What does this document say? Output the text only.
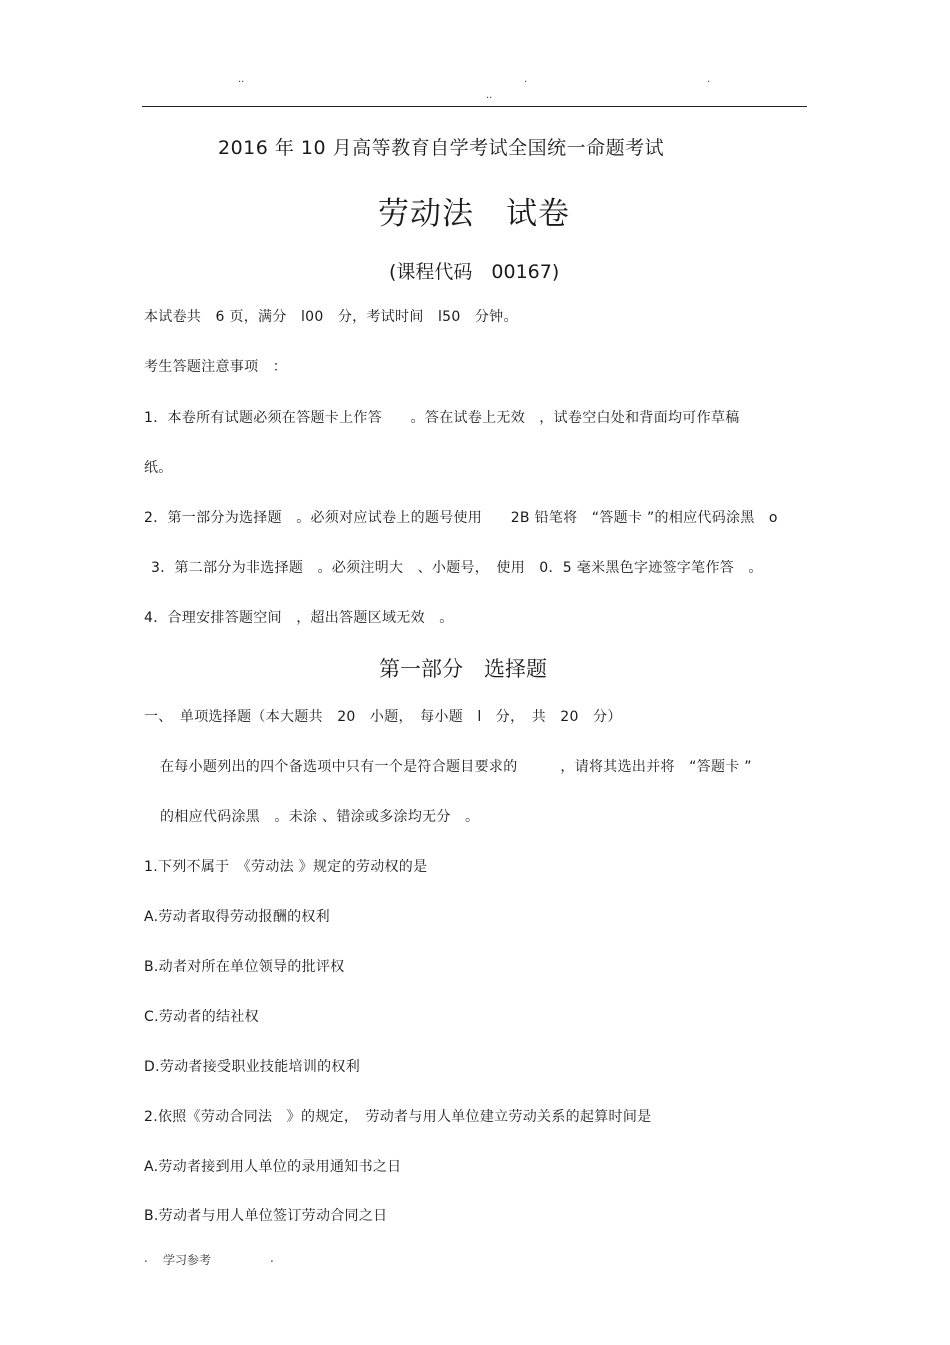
..	.	.
..
2016 年 10 月高等教育自学考试全国统一命题考试
劳动法　试卷
(课程代码　00167)
本试卷共　6 页，满分　l00　分，考试时间　l50　分钟。
考生答题注意事项　：
1．本卷所有试题必须在答题卡上作答　　。答在试卷上无效　，试卷空白处和背面均可作草稿
纸。
2．第一部分为选择题　。必须对应试卷上的题号使用　　2B 铅笔将　“答题卡 ”的相应代码涂黑　o
3．第二部分为非选择题　。必须注明大　、小题号，　使用　0．5 毫米黑色字迹签字笔作答　。
4．合理安排答题空间　，超出答题区域无效　。
第一部分　选择题
一、　单项选择题（本大题共　20　小题，　每小题　l　分，　共　20　分）
在每小题列出的四个备选项中只有一个是符合题目要求的　　　，请将其选出并将　“答题卡 ”
的相应代码涂黑　。未涂 、错涂或多涂均无分　。
1.下列不属于　《劳动法 》规定的劳动权的是
A.劳动者取得劳动报酬的权利
B.动者对所在单位领导的批评权
C.劳动者的结社权
D.劳动者接受职业技能培训的权利
2.依照《劳动合同法　》的规定，　劳动者与用人单位建立劳动关系的起算时间是
A.劳动者接到用人单位的录用通知书之日
B.劳动者与用人单位签订劳动合同之日
. 学习参考	.
